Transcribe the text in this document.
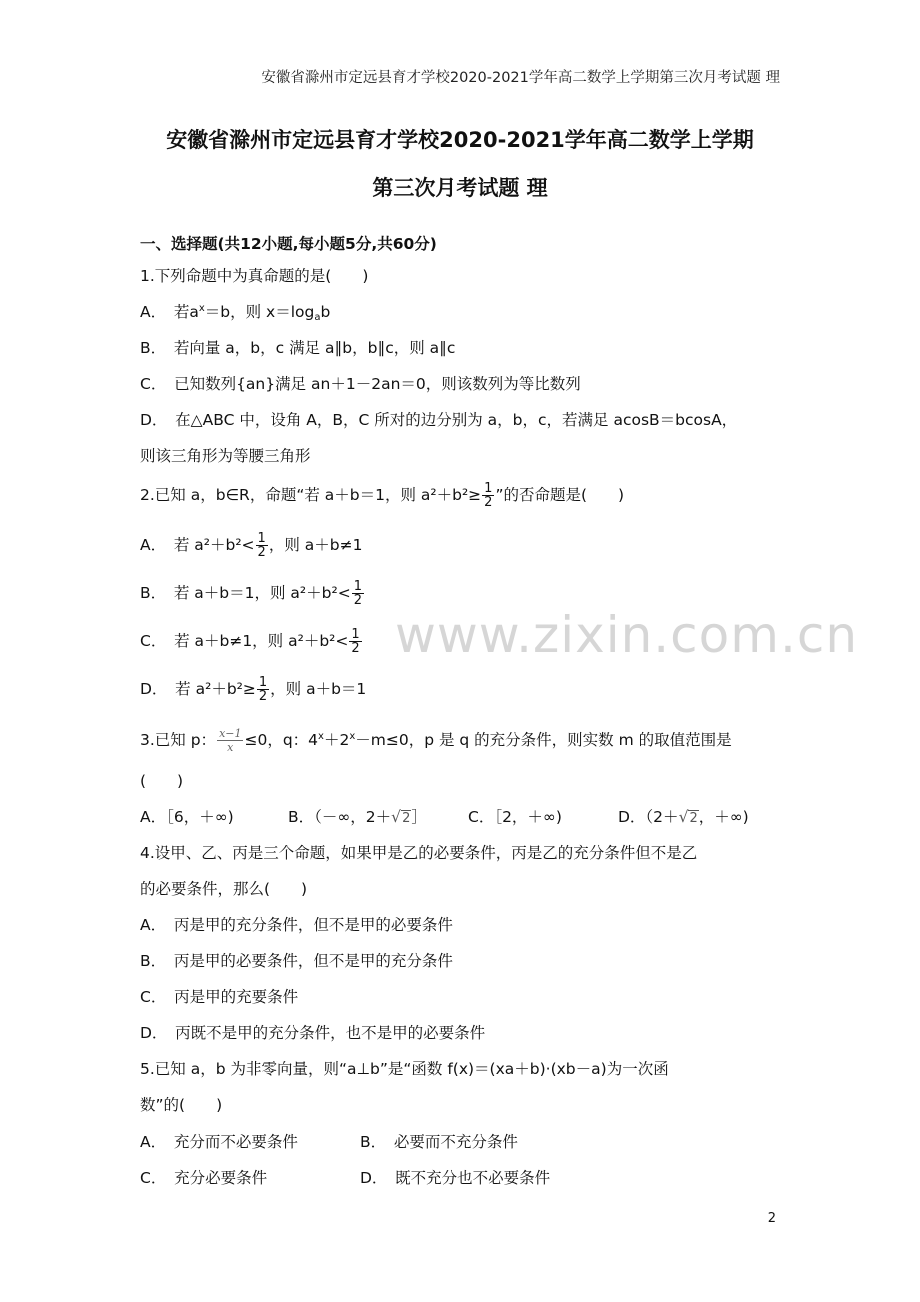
安徽省滁州市定远县育才学校2020-2021学年高二数学上学期第三次月考试题 理
安徽省滁州市定远县育才学校2020-2021学年高二数学上学期
第三次月考试题 理
一、选择题(共12小题,每小题5分,共60分)
1.下列命题中为真命题的是(　　)
A．　若$a^x=b$，则 $x=\log_ab$
B．　若向量 a，b，c 满足 a∥b，b∥c，则 a∥c
C．　已知数列{an}满足 an＋1－2an＝0，则该数列为等比数列
D．　在△ABC 中，设角 A，B，C 所对的边分别为 a，b，c，若满足 acosB＝bcosA，
则该三角形为等腰三角形
2.已知 a，b∈R，命题“若 a＋b＝1，则 $a^2+b^2\ge \frac{1}{2}$ ”的否命题是(　　)
A．　若 $a^2+b^2< \frac{1}{2}$ ，则 a＋b≠1
B．　若 a＋b＝1，则 $a^2+b^2< \frac{1}{2}$
C．　若 a＋b≠1，则 $a^2+b^2< \frac{1}{2}$
D．　若 $a^2+b^2\ge \frac{1}{2}$ ，则 a＋b＝1
3.已知 p： $\frac{x-1}{x} \le 0$，q：$4^x+2^x-m\le 0$，p 是 q 的充分条件，则实数 m 的取值范围是
(　　)
A．［6，＋∞)	B．（－∞，2＋√2］	C．［2，＋∞)	D．（2＋√2，＋∞)
4.设甲、乙、丙是三个命题，如果甲是乙的必要条件，丙是乙的充分条件但不是乙
的必要条件，那么(　　)
A．　丙是甲的充分条件，但不是甲的必要条件
B．　丙是甲的必要条件，但不是甲的充分条件
C．　丙是甲的充要条件
D．　丙既不是甲的充分条件，也不是甲的必要条件
5.已知 a，b 为非零向量，则“a⊥b”是“函数 f(x)＝(xa＋b)·(xb－a)为一次函
数”的(　　)
A．　充分而不必要条件	B．　必要而不充分条件
C．　充分必要条件	D．　既不充分也不必要条件
www.zixin.com.cn
2
